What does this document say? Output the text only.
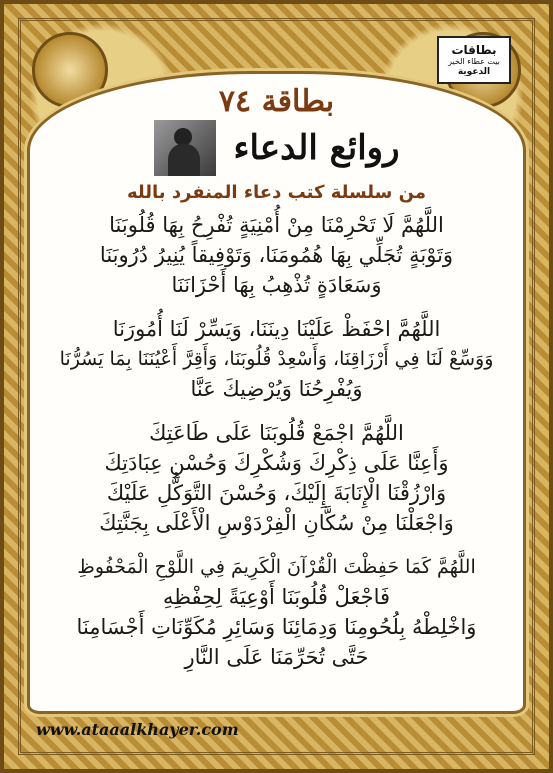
بطاقات
بيت عطاء الخير
الدعوية
بطاقة ٧٤
روائع الدعاء
من سلسلة كتب دعاء المنفرد بالله

اللَّهُمَّ لَا تَحْرِمْنَا مِنْ أُمْنِيَةٍ تُفْرِحُ بِهَا قُلُوبَنَا

وَتَوْبَةٍ تُجَلِّي بِهَا هُمُومَنَا، وَتَوْفِيقاً يُنِيرُ دُرُوبَنَا

وَسَعَادَةٍ تُذْهِبُ بِهَا أَحْزَانَنَا

اللَّهُمَّ احْفَظْ عَلَيْنَا دِينَنَا، وَيَسِّرْ لَنَا أُمُورَنَا

وَوَسِّعْ لَنَا فِي أَرْزَاقِنَا، وَأَسْعِدْ قُلُوبَنَا، وَأَقِرَّ أَعْيُنَنَا بِمَا يَسُرُّنَا

وَيُفْرِحُنَا وَيُرْضِيكَ عَنَّا

اللَّهُمَّ اجْمَعْ قُلُوبَنَا عَلَى طَاعَتِكَ

وَأَعِنَّا عَلَى ذِكْرِكَ وَشُكْرِكَ وَحُسْنِ عِبَادَتِكَ

وَارْزُقْنَا الْإِنَابَةَ إِلَيْكَ، وَحُسْنَ التَّوَكُّلِ عَلَيْكَ

وَاجْعَلْنَا مِنْ سُكَّانِ الْفِرْدَوْسِ الْأَعْلَى بِجَنَّتِكَ

اللَّهُمَّ كَمَا حَفِظْتَ الْقُرْآنَ الْكَرِيمَ فِي اللَّوْحِ الْمَحْفُوظِ

فَاجْعَلْ قُلُوبَنَا أَوْعِيَةً لِحِفْظِهِ

وَاخْلِطْهُ بِلُحُومِنَا وَدِمَائِنَا وَسَائِرِ مُكَوِّنَاتِ أَجْسَامِنَا

حَتَّى تُحَرِّمَنَا عَلَى النَّارِ

www.ataaalkhayer.com
